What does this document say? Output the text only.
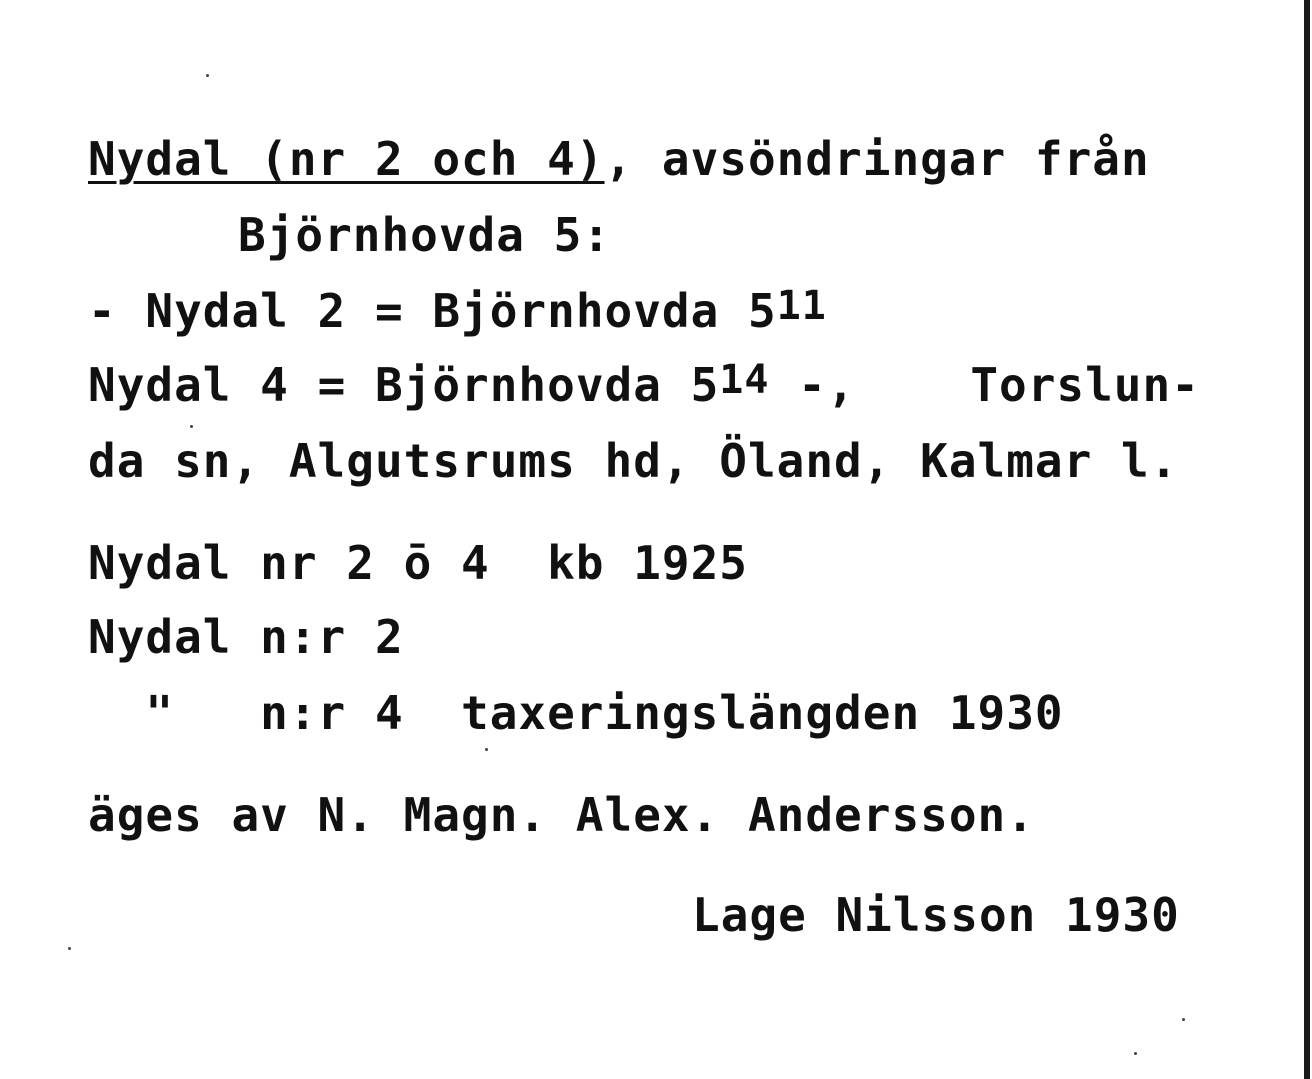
Nydal (nr 2 och 4), avsöndringar från
Björnhovda 5:
- Nydal 2 = Björnhovda $5^{11}$
Nydal 4 = Björnhovda $5^{14}$ -,    Torslun-
da sn, Algutsrums hd, Öland, Kalmar l.
Nydal nr 2 ō 4  kb 1925
Nydal n:r 2
"   n:r 4  taxeringslängden 1930
äges av N. Magn. Alex. Andersson.
Lage Nilsson 1930
